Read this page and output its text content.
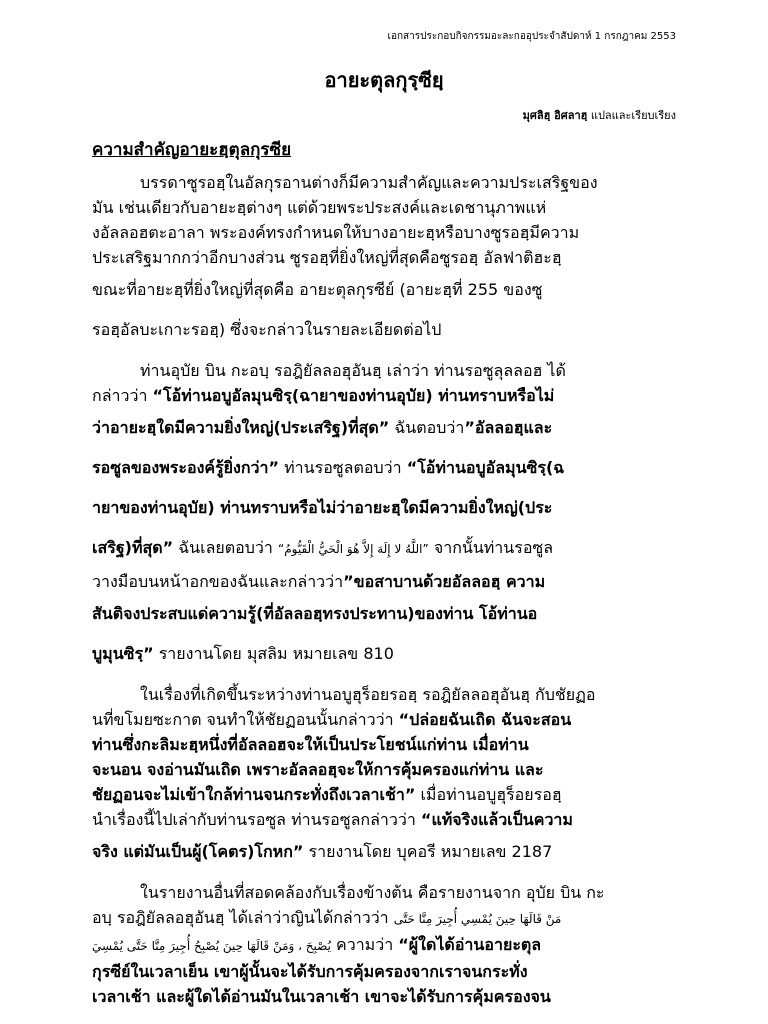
เอกสารประกอบกิจกรรมอะละกออุประจำสัปดาห์ 1 กรกฎาคม 2553
อายะตุลกุรฺซียฺ
มุศลิฮฺ อิศลาฮฺ แปลและเรียบเรียง
ความสำคัญอายะฮฺตุลกุรซีย
บรรดาซูรอฮฺในอัลกุรอานต่างก็มีความสำคัญและความประเสริฐของ
มัน เช่นเดียวกับอายะฮฺต่างๆ แต่ด้วยพระประสงค์และเดชานุภาพแห่
งอัลลอฮตะอาลา พระองค์ทรงกำหนดให้บางอายะฮฺหรือบางซูรอฮฺมีความ
ประเสริฐมากกว่าอีกบางส่วน ซูรอฮฺที่ยิ่งใหญ่ที่สุดคือซูรอฮฺ อัลฟาติฮะฮฺ
ขณะที่อายะฮฺที่ยิ่งใหญ่ที่สุดคือ อายะตุลกุรซีย์ (อายะฮฺที่ 255 ของซู
รอฮฺอัลบะเกาะรอฮฺ) ซึ่งจะกล่าวในรายละเอียดต่อไป
ท่านอุบัย บิน กะอบฺ รอฎิยัลลอฮุอันฮฺ เล่าว่า ท่านรอซูลุลลอฮ ได้
กล่าวว่า “โอ้ท่านอบูอัลมุนซิรฺ(ฉายาของท่านอุบัย) ท่านทราบหรือไม่
ว่าอายะฮฺใดมีความยิ่งใหญ่(ประเสริฐ)ที่สุด” ฉันตอบว่า”อัลลอฮฺและ
รอซูลของพระองค์รู้ยิ่งกว่า” ท่านรอซูลตอบว่า “โอ้ท่านอบูอัลมุนซิรฺ(ฉ
ายาของท่านอุบัย) ท่านทราบหรือไม่ว่าอายะฮฺใดมีความยิ่งใหญ่(ประ
เสริฐ)ที่สุด” ฉันเลยตอบว่า ”اللَّهُ لا إِلَهَ إِلاَّ هُوَ الْحَيُّ الْقَيُّومُ“ จากนั้นท่านรอซูล
วางมือบนหน้าอกของฉันและกล่าวว่า”ขอสาบานด้วยอัลลอฮฺ ความ
สันติจงประสบแด่ความรู้(ที่อัลลอฮฺทรงประทาน)ของท่าน โอ้ท่านอ
บูมุนซิรฺ” รายงานโดย มุสลิม หมายเลข 810
ในเรื่องที่เกิดขึ้นระหว่างท่านอบูฮุร็อยรอฮฺ รอฎิยัลลอฮุอันฮฺ กับชัยฏอ
นที่ขโมยซะกาต จนทำให้ชัยฏอนนั้นกล่าวว่า “ปล่อยฉันเถิด ฉันจะสอน
ท่านซึ่งกะลิมะฮฺหนึ่งที่อัลลอฮจะให้เป็นประโยชน์แก่ท่าน เมื่อท่าน
จะนอน จงอ่านมันเถิด เพราะอัลลอฮฺจะให้การคุ้มครองแก่ท่าน และ
ชัยฏอนจะไม่เข้าใกล้ท่านจนกระทั่งถึงเวลาเช้า” เมื่อท่านอบูฮุร็อยรอฮฺ
นำเรื่องนี้ไปเล่ากับท่านรอซูล ท่านรอซูลกล่าวว่า “แท้จริงแล้วเป็นความ
จริง แต่มันเป็นผู้(โคตร)โกหก” รายงานโดย บุคอรี หมายเลข 2187
ในรายงานอื่นที่สอดคล้องกับเรื่องข้างต้น คือรายงานจาก อุบัย บิน กะ
อบฺ รอฎิยัลลอฮุอันฮฺ ได้เล่าว่าญินได้กล่าวว่า مَنْ قَالَهَا حِينَ يُمْسِي أُجِيرَ مِنَّا حَتَّى
يُصْبِحَ ، وَمَنْ قَالَهَا حِينَ يُصْبِحُ أُجِيرَ مِنَّا حَتَّى يُمْسِيَ ความว่า “ผู้ใดได้อ่านอายะตุล
กุรซีย์ในเวลาเย็น เขาผู้นั้นจะได้รับการคุ้มครองจากเราจนกระทั่ง
เวลาเช้า และผู้ใดได้อ่านมันในเวลาเช้า เขาจะได้รับการคุ้มครองจน
